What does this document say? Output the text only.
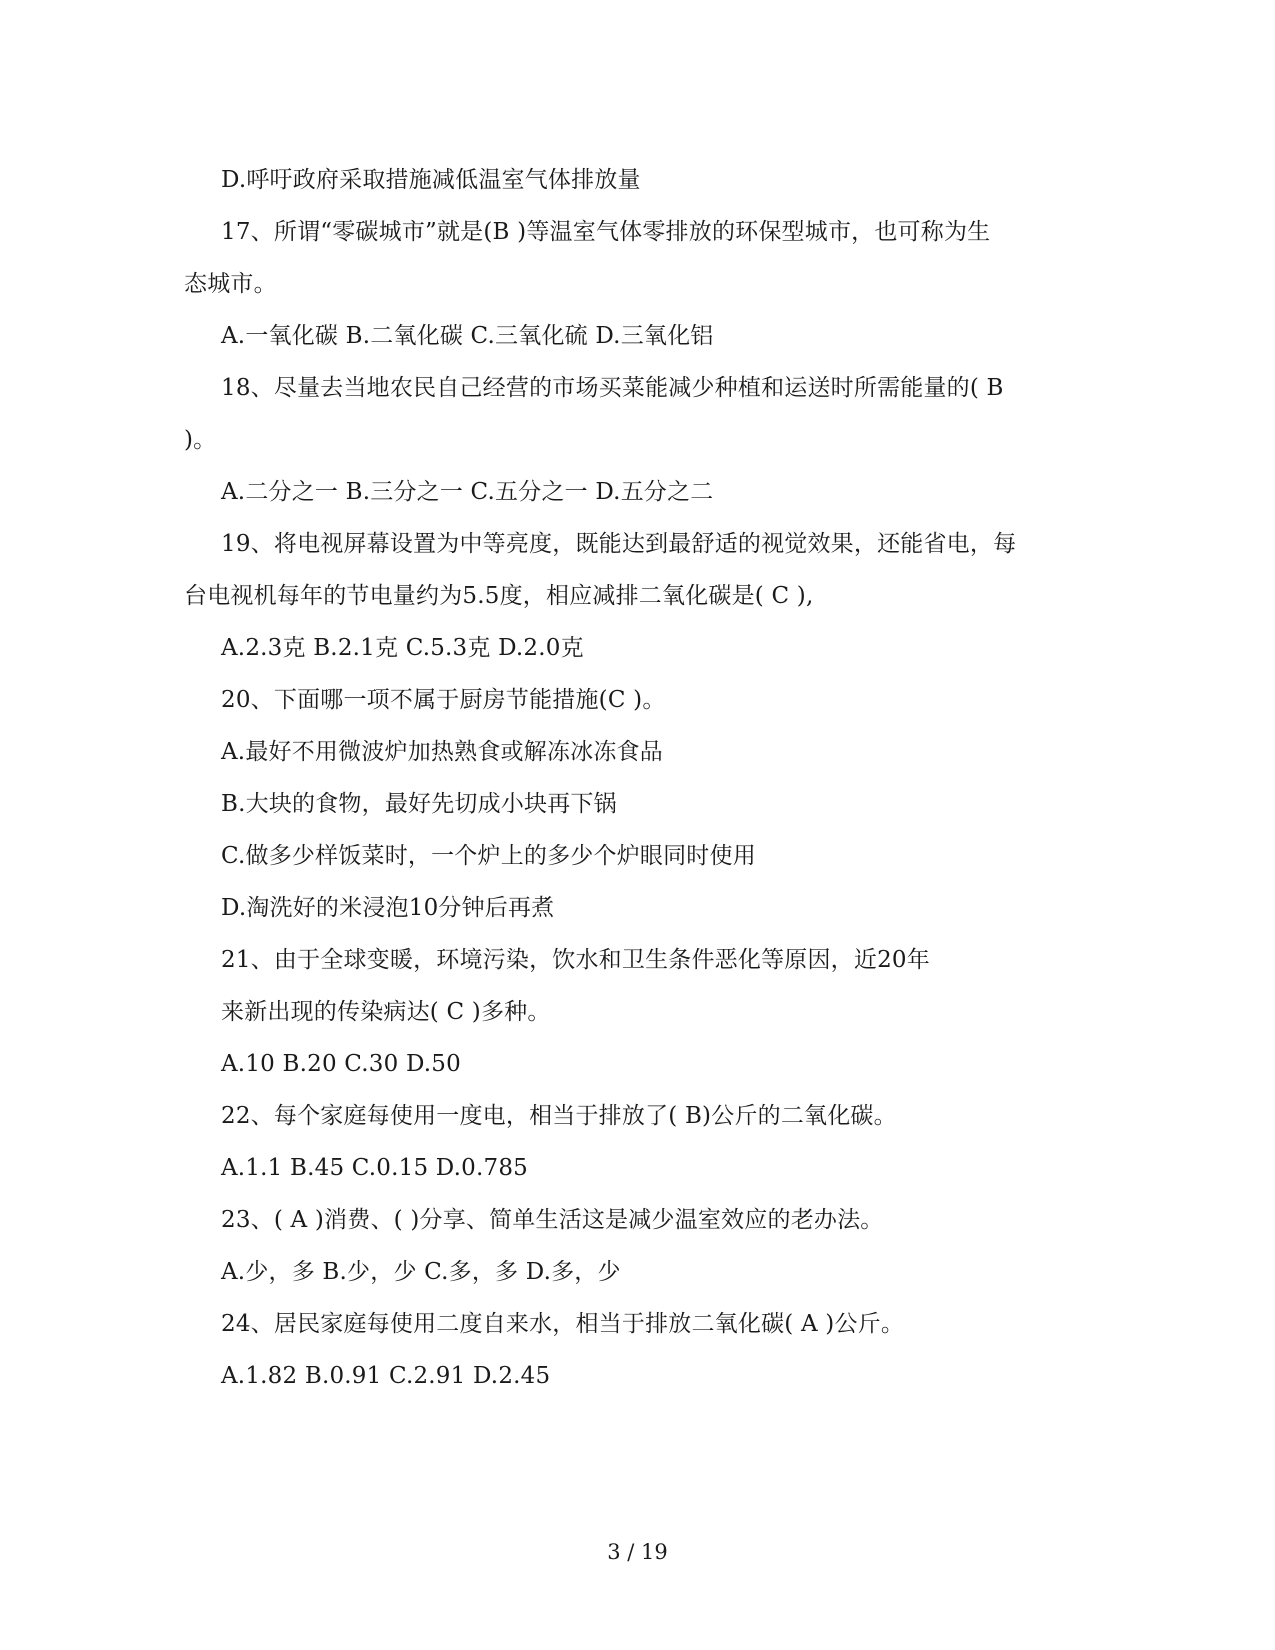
D.呼吁政府采取措施减低温室气体排放量
17、所谓“零碳城市”就是(B )等温室气体零排放的环保型城市，也可称为生
态城市。
A.一氧化碳 B.二氧化碳 C.三氧化硫 D.三氧化铝
18、尽量去当地农民自己经营的市场买菜能减少种植和运送时所需能量的( B
)。
A.二分之一 B.三分之一 C.五分之一 D.五分之二
19、将电视屏幕设置为中等亮度，既能达到最舒适的视觉效果，还能省电，每
台电视机每年的节电量约为5.5度，相应减排二氧化碳是( C ),
A.2.3克 B.2.1克 C.5.3克 D.2.0克
20、下面哪一项不属于厨房节能措施(C )。
A.最好不用微波炉加热熟食或解冻冰冻食品
B.大块的食物，最好先切成小块再下锅
C.做多少样饭菜时，一个炉上的多少个炉眼同时使用
D.淘洗好的米浸泡10分钟后再煮
21、由于全球变暖，环境污染，饮水和卫生条件恶化等原因，近20年
来新出现的传染病达( C )多种。
A.10 B.20 C.30 D.50
22、每个家庭每使用一度电，相当于排放了( B)公斤的二氧化碳。
A.1.1 B.45 C.0.15 D.0.785
23、( A )消费、( )分享、简单生活这是减少温室效应的老办法。
A.少，多 B.少，少 C.多，多 D.多，少
24、居民家庭每使用二度自来水，相当于排放二氧化碳( A )公斤。
A.1.82 B.0.91 C.2.91 D.2.45
3 / 19
